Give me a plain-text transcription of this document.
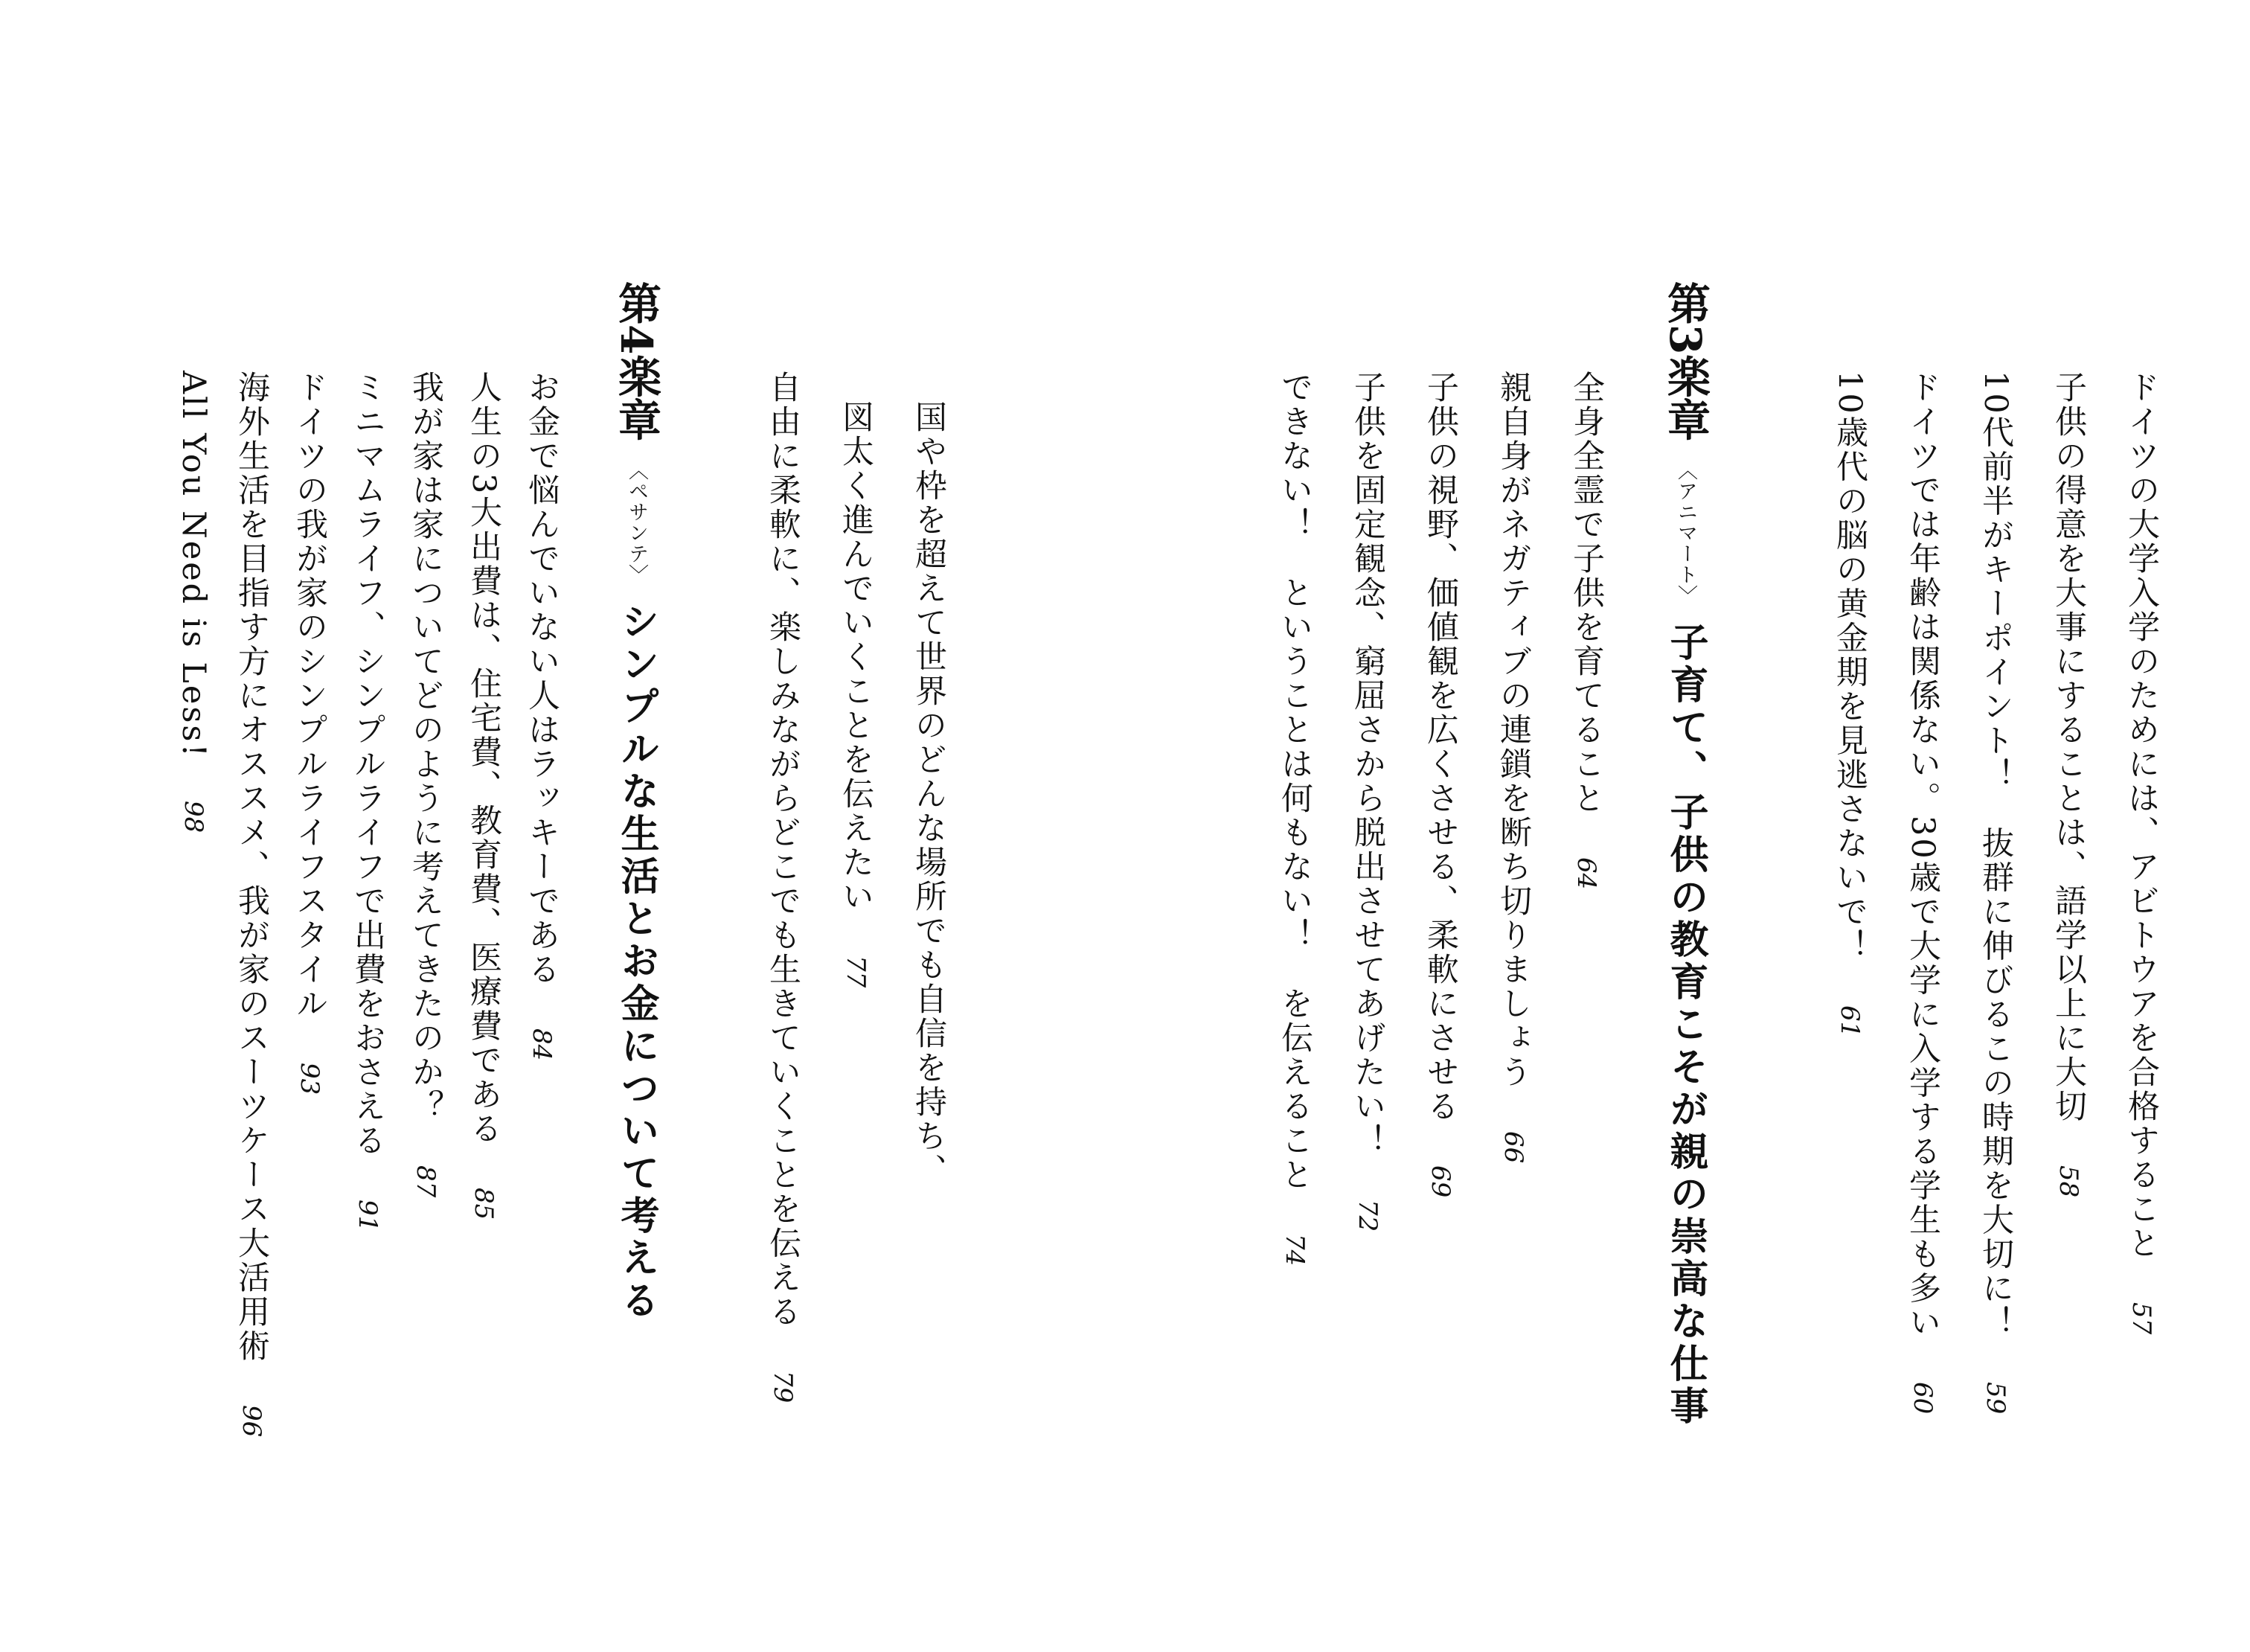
ドイツの大学入学のためには、アビトウアを合格すること57
子供の得意を大事にすることは、語学以上に大切58
10代前半がキーポイント！　抜群に伸びるこの時期を大切に！59
ドイツでは年齢は関係ない。30歳で大学に入学する学生も多い60
10歳代の脳の黄金期を見逃さないで！61
第3楽章〈アニマート〉子育て、子供の教育こそが親の崇高な仕事
全身全霊で子供を育てること64
親自身がネガティブの連鎖を断ち切りましょう66
子供の視野、価値観を広くさせる、柔軟にさせる69
子供を固定観念、窮屈さから脱出させてあげたい！72
できない！　ということは何もない！　を伝えること74
国や枠を超えて世界のどんな場所でも自信を持ち、
図太く進んでいくことを伝えたい77
自由に柔軟に、楽しみながらどこでも生きていくことを伝える79
第4楽章〈ペサンテ〉シンプルな生活とお金について考える
お金で悩んでいない人はラッキーである84
人生の3大出費は、住宅費、教育費、医療費である85
我が家は家についてどのように考えてきたのか？87
ミニマムライフ、シンプルライフで出費をおさえる91
ドイツの我が家のシンプルライフスタイル93
海外生活を目指す方にオススメ、我が家のスーツケース大活用術96
All You Need is Less!98
